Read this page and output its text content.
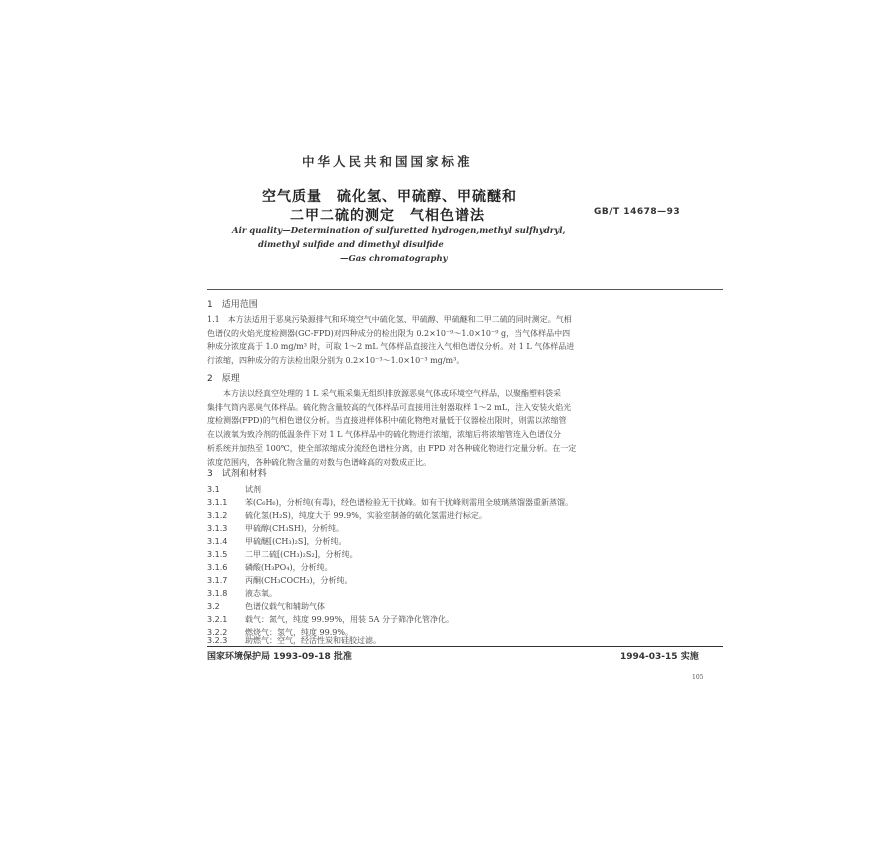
中华人民共和国国家标准
空气质量　硫化氢、甲硫醇、甲硫醚和
二甲二硫的测定　气相色谱法	GB/T 14678—93
Air quality—Determination of sulfuretted hydrogen,methyl sulfhydryl,
dimethyl sulfide and dimethyl disulfide
—Gas chromatography
1　适用范围
1.1　本方法适用于恶臭污染源排气和环境空气中硫化氢、甲硫醇、甲硫醚和二甲二硫的同时测定。气相
色谱仪的火焰光度检测器(GC-FPD)对四种成分的检出限为 0.2×10⁻⁹～1.0×10⁻⁹ g，当气体样品中四
种成分浓度高于 1.0 mg/m³ 时，可取 1～2 mL 气体样品直接注入气相色谱仪分析。对 1 L 气体样品进
行浓缩，四种成分的方法检出限分别为 0.2×10⁻³～1.0×10⁻³ mg/m³。
2　原理
　　本方法以经真空处理的 1 L 采气瓶采集无组织排放源恶臭气体或环境空气样品，以聚酯塑料袋采
集排气筒内恶臭气体样品。硫化物含量较高的气体样品可直接用注射器取样 1～2 mL，注入安装火焰光
度检测器(FPD)的气相色谱仪分析。当直接进样体积中硫化物绝对量低于仪器检出限时，则需以浓缩管
在以液氧为致冷剂的低温条件下对 1 L 气体样品中的硫化物进行浓缩，浓缩后将浓缩管连入色谱仪分
析系统并加热至 100℃，使全部浓缩成分流经色谱柱分离，由 FPD 对各种硫化物进行定量分析。在一定
浓度范围内，各种硫化物含量的对数与色谱峰高的对数成正比。
3　试剂和材料
3.1	试剂
3.1.1 苯(C₆H₆)，分析纯(有毒)，经色谱检验无干扰峰。如有干扰峰则需用全玻璃蒸馏器重新蒸馏。
3.1.2 硫化氢(H₂S)，纯度大于 99.9%，实验室制备的硫化氢需进行标定。
3.1.3 甲硫醇(CH₃SH)，分析纯。
3.1.4 甲硫醚[(CH₃)₂S]，分析纯。
3.1.5 二甲二硫[(CH₃)₂S₂]，分析纯。
3.1.6 磷酸(H₃PO₄)，分析纯。
3.1.7 丙酮(CH₃COCH₃)，分析纯。
3.1.8 液态氧。
3.2	色谱仪载气和辅助气体
3.2.1 载气：氮气，纯度 99.99%，用装 5A 分子筛净化管净化。
3.2.2 燃烧气：氢气，纯度 99.9%。
国家环境保护局 1993-09-18 批准	1994-03-15 实施
105
3.2.3 助燃气：空气，经活性炭和硅胶过滤。
